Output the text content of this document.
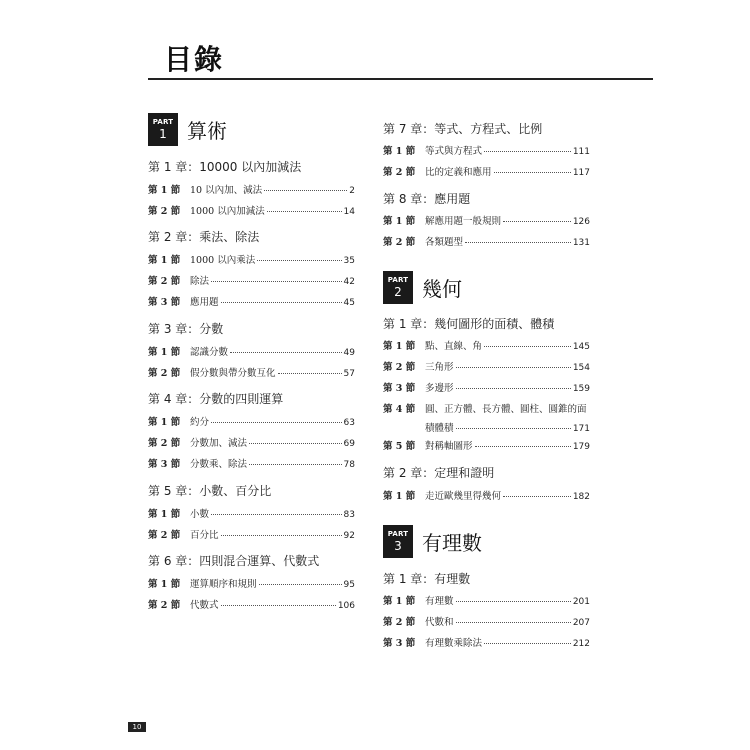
目錄
PART
1 算術
第 1 章：10000 以內加減法
第 1 節	10 以內加、減法	2
第 2 節	1000 以內加減法	14
第 2 章：乘法、除法
第 1 節	1000 以內乘法	35
第 2 節	除法	42
第 3 節	應用題	45
第 3 章：分數
第 1 節	認識分數	49
第 2 節	假分數與帶分數互化	57
第 4 章：分數的四則運算
第 1 節	約分	63
第 2 節	分數加、減法	69
第 3 節	分數乘、除法	78
第 5 章：小數、百分比
第 1 節	小數	83
第 2 節	百分比	92
第 6 章：四則混合運算、代數式
第 1 節	運算順序和規則	95
第 2 節	代數式	106
第 7 章：等式、方程式、比例
第 1 節	等式與方程式	111
第 2 節	比的定義和應用	117
第 8 章：應用題
第 1 節	解應用題一般規則	126
第 2 節	各類題型	131
PART
2 幾何
第 1 章：幾何圖形的面積、體積
第 1 節	點、直線、角	145
第 2 節	三角形	154
第 3 節	多邊形	159
第 4 節	圓、正方體、長方體、圓柱、圓錐的面
積體積	171
第 5 節	對稱軸圖形	179
第 2 章：定理和證明
第 1 節	走近歐幾里得幾何	182
PART
3 有理數
第 1 章：有理數
第 1 節	有理數	201
第 2 節	代數和	207
第 3 節	有理數乘除法	212
10
